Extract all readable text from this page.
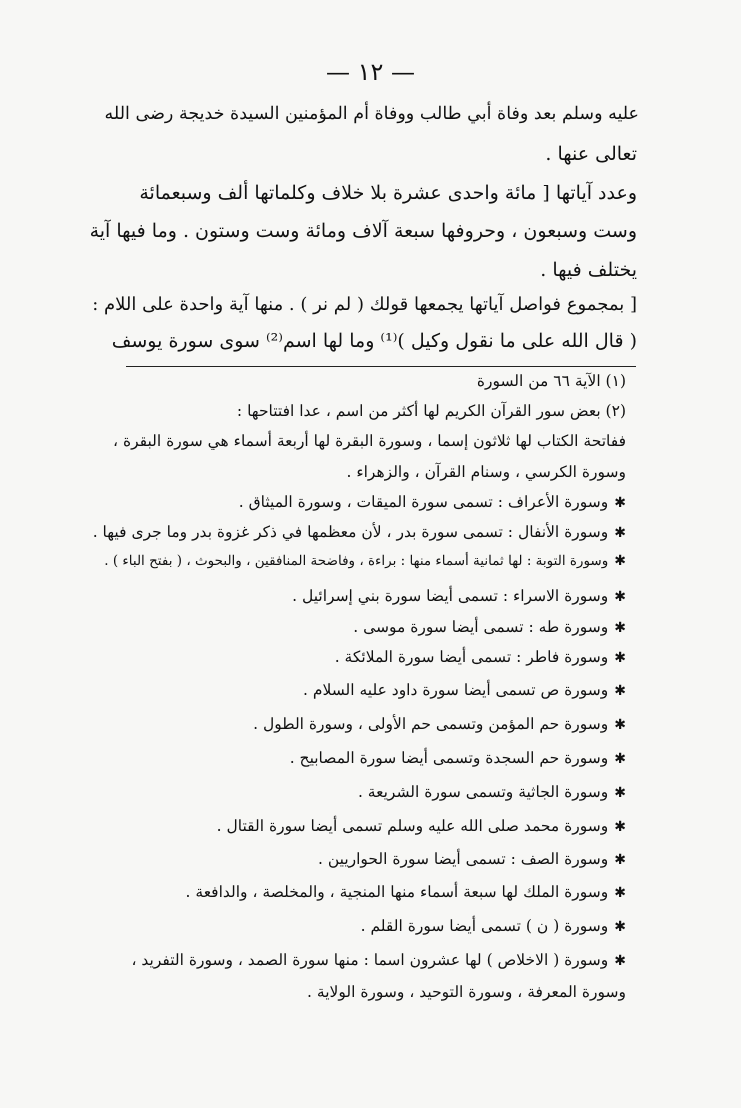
— ١٢ —
عليه وسلم بعد وفاة أبي طالب ووفاة أم المؤمنين السيدة خديجة رضى الله
تعالى عنها .
وعدد آياتها [ مائة واحدى عشرة بلا خلاف وكلماتها ألف وسبعمائة
وست وسبعون ، وحروفها سبعة آلاف ومائة وست وستون . وما فيها آية
يختلف فيها .
[ بمجموع فواصل آياتها يجمعها قولك ( لم نر ) . منها آية واحدة على اللام :
( قال الله على ما نقول وكيل )⁽¹⁾ وما لها اسم⁽²⁾ سوى سورة يوسف
(١) الآية ٦٦ من السورة
(٢) بعض سور القرآن الكريم لها أكثر من اسم ، عدا افتتاحها :
ففاتحة الكتاب لها ثلاثون إسما ، وسورة البقرة لها أربعة أسماء هي سورة البقرة ،
وسورة الكرسي ، وسنام القرآن ، والزهراء .
✱وسورة الأعراف : تسمى سورة الميقات ، وسورة الميثاق .
✱وسورة الأنفال : تسمى سورة بدر ، لأن معظمها في ذكر غزوة بدر وما جرى فيها .
✱وسورة التوبة : لها ثمانية أسماء منها : براءة ، وفاضحة المنافقين ، والبحوث ، ( بفتح الباء ) .
✱وسورة الاسراء : تسمى أيضا سورة بني إسرائيل .
✱وسورة طه : تسمى أيضا سورة موسى .
✱وسورة فاطر : تسمى أيضا سورة الملائكة .
✱وسورة ص تسمى أيضا سورة داود عليه السلام .
✱وسورة حم المؤمن وتسمى حم الأولى ، وسورة الطول .
✱وسورة حم السجدة وتسمى أيضا سورة المصابيح .
✱وسورة الجاثية وتسمى سورة الشريعة .
✱وسورة محمد صلى الله عليه وسلم تسمى أيضا سورة القتال .
✱وسورة الصف : تسمى أيضا سورة الحواريين .
✱وسورة الملك لها سبعة أسماء منها المنجية ، والمخلصة ، والدافعة .
✱وسورة ( ن ) تسمى أيضا سورة القلم .
✱وسورة ( الاخلاص ) لها عشرون اسما : منها سورة الصمد ، وسورة التفريد ،
وسورة المعرفة ، وسورة التوحيد ، وسورة الولاية .
